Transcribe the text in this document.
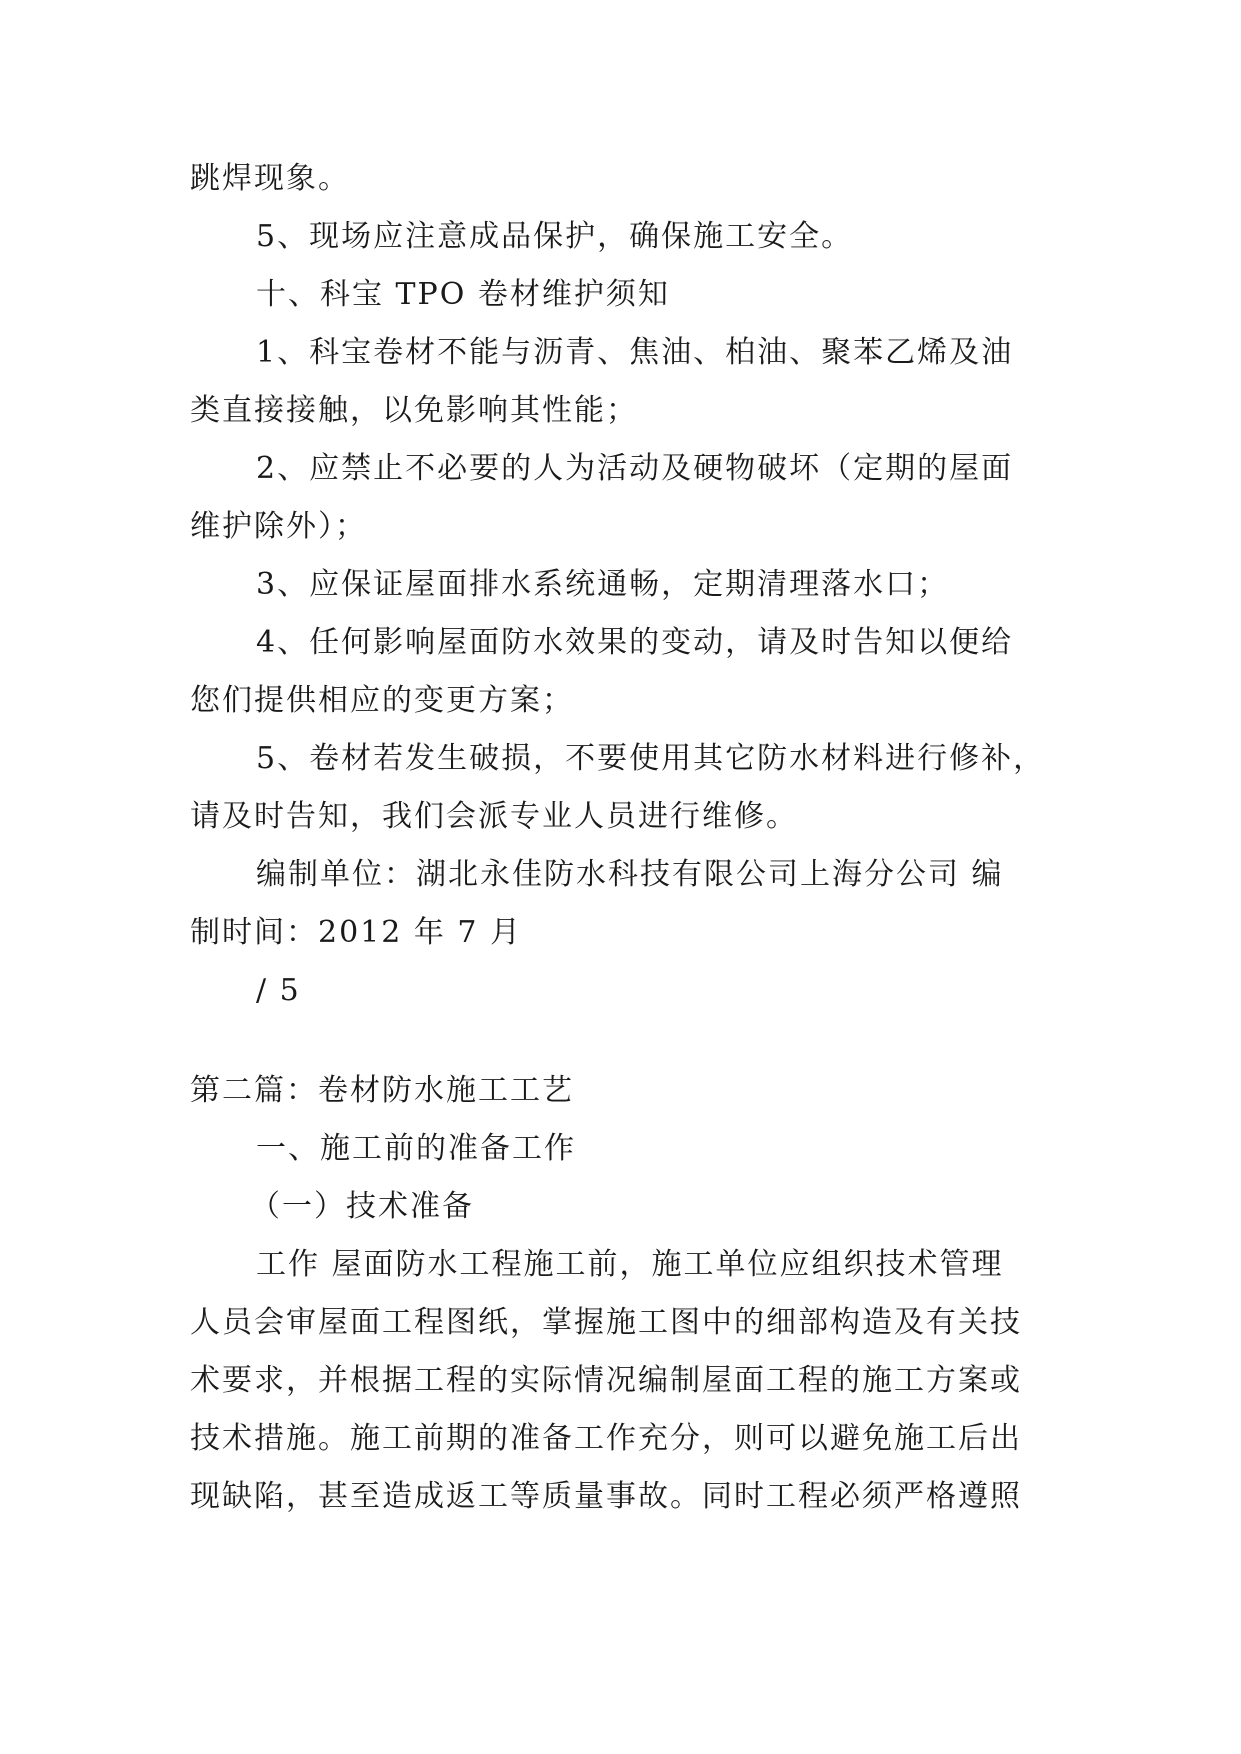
跳焊现象。
5、现场应注意成品保护，确保施工安全。
十、科宝 TPO 卷材维护须知
1、科宝卷材不能与沥青、焦油、柏油、聚苯乙烯及油
类直接接触，以免影响其性能；
2、应禁止不必要的人为活动及硬物破坏（定期的屋面
维护除外）；
3、应保证屋面排水系统通畅，定期清理落水口；
4、任何影响屋面防水效果的变动，请及时告知以便给
您们提供相应的变更方案；
5、卷材若发生破损，不要使用其它防水材料进行修补，
请及时告知，我们会派专业人员进行维修。
编制单位：湖北永佳防水科技有限公司上海分公司 编
制时间：2012 年 7 月
/ 5
第二篇：卷材防水施工工艺
一、施工前的准备工作
（一）技术准备
工作 屋面防水工程施工前，施工单位应组织技术管理
人员会审屋面工程图纸，掌握施工图中的细部构造及有关技
术要求，并根据工程的实际情况编制屋面工程的施工方案或
技术措施。施工前期的准备工作充分，则可以避免施工后出
现缺陷，甚至造成返工等质量事故。同时工程必须严格遵照
